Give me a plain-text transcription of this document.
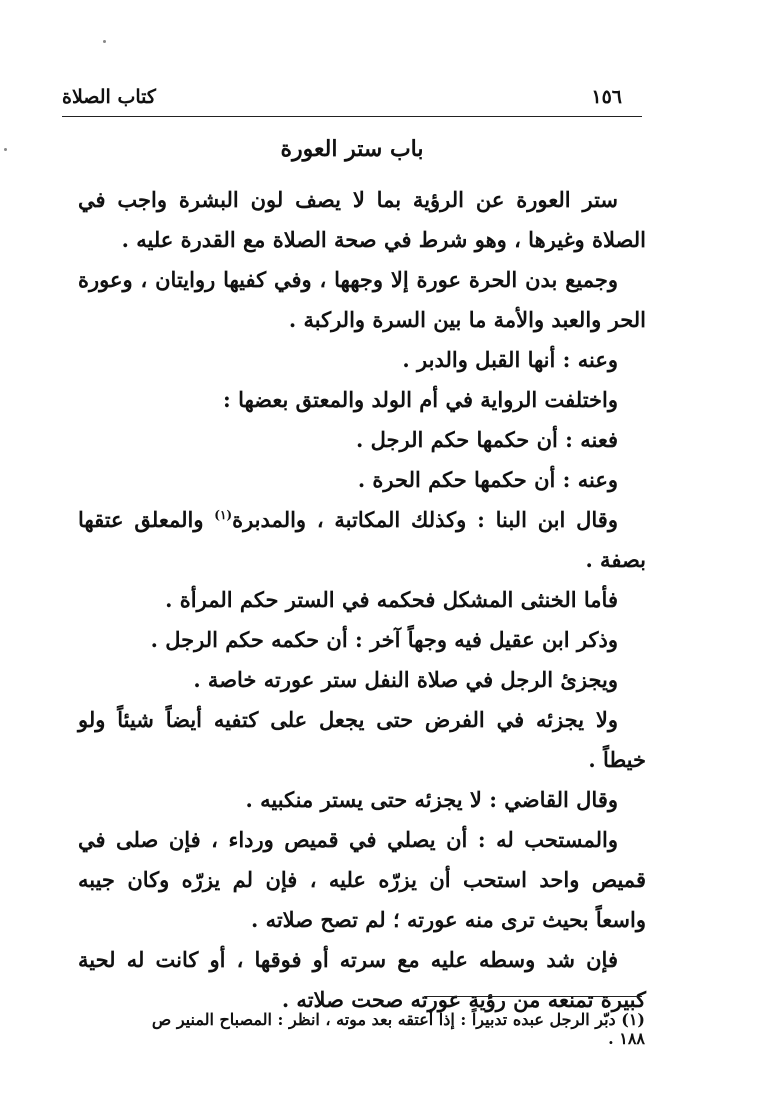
١٥٦
كتاب الصلاة
باب ستر العورة

ستر العورة عن الرؤية بما لا يصف لون البشرة واجب في الصلاة وغيرها ، وهو شرط في صحة الصلاة مع القدرة عليه .

وجميع بدن الحرة عورة إلا وجهها ، وفي كفيها روايتان ، وعورة الحر والعبد والأمة ما بين السرة والركبة .

وعنه : أنها القبل والدبر .

واختلفت الرواية في أم الولد والمعتق بعضها :

فعنه : أن حكمها حكم الرجل .

وعنه : أن حكمها حكم الحرة .

وقال ابن البنا : وكذلك المكاتبة ، والمدبرة$^{(١)}$ والمعلق عتقها بصفة .

فأما الخنثى المشكل فحكمه في الستر حكم المرأة .

وذكر ابن عقيل فيه وجهاً آخر : أن حكمه حكم الرجل .

ويجزئ الرجل في صلاة النفل ستر عورته خاصة .

ولا يجزئه في الفرض حتى يجعل على كتفيه أيضاً شيئاً ولو خيطاً .

وقال القاضي : لا يجزئه حتى يستر منكبيه .

والمستحب له : أن يصلي في قميص ورداء ، فإن صلى في قميص واحد استحب أن يزرّه عليه ، فإن لم يزرّه وكان جيبه واسعاً بحيث ترى منه عورته ؛ لم تصح صلاته .

فإن شد وسطه عليه مع سرته أو فوقها ، أو كانت له لحية كبيرة تمنعه من رؤية عورته صحت صلاته .

(١) دبّر الرجل عبده تدبيراً : إذا أعتقه بعد موته ، انظر : المصباح المنير ص ١٨٨ .
